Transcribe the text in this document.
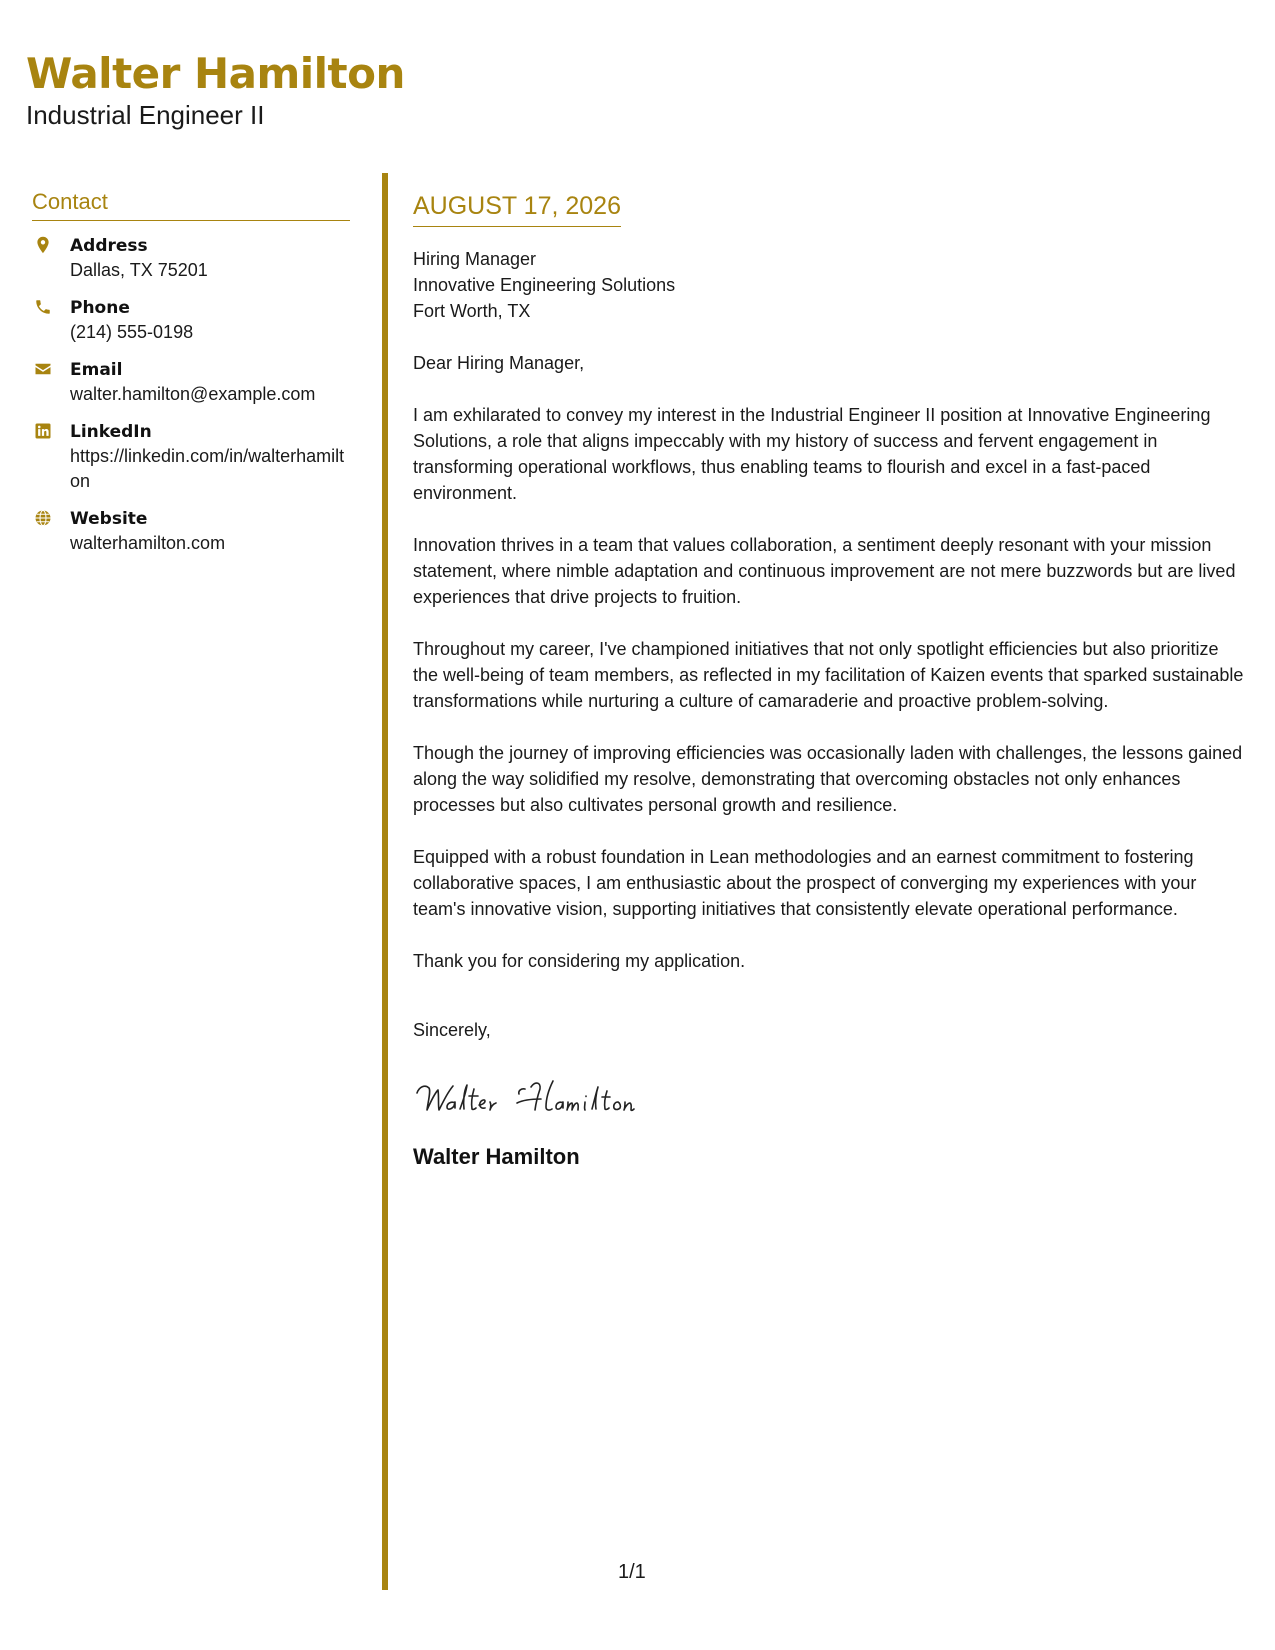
Walter Hamilton
Industrial Engineer II
Contact
Address
Dallas, TX 75201
Phone
(214) 555-0198
Email
walter.hamilton@example.com
LinkedIn
https://linkedin.com/in/walterhamilton
Website
walterhamilton.com
AUGUST 17, 2026
Hiring Manager
Innovative Engineering Solutions
Fort Worth, TX
Dear Hiring Manager,

I am exhilarated to convey my interest in the Industrial Engineer II position at Innovative Engineering Solutions, a role that aligns impeccably with my history of success and fervent engagement in transforming operational workflows, thus enabling teams to flourish and excel in a fast-paced environment.

Innovation thrives in a team that values collaboration, a sentiment deeply resonant with your mission statement, where nimble adaptation and continuous improvement are not mere buzzwords but are lived experiences that drive projects to fruition.

Throughout my career, I've championed initiatives that not only spotlight efficiencies but also prioritize the well-being of team members, as reflected in my facilitation of Kaizen events that sparked sustainable transformations while nurturing a culture of camaraderie and proactive problem-solving.

Though the journey of improving efficiencies was occasionally laden with challenges, the lessons gained along the way solidified my resolve, demonstrating that overcoming obstacles not only enhances processes but also cultivates personal growth and resilience.

Equipped with a robust foundation in Lean methodologies and an earnest commitment to fostering collaborative spaces, I am enthusiastic about the prospect of converging my experiences with your team's innovative vision, supporting initiatives that consistently elevate operational performance.

Thank you for considering my application.

Sincerely,
Walter Hamilton
1/1
